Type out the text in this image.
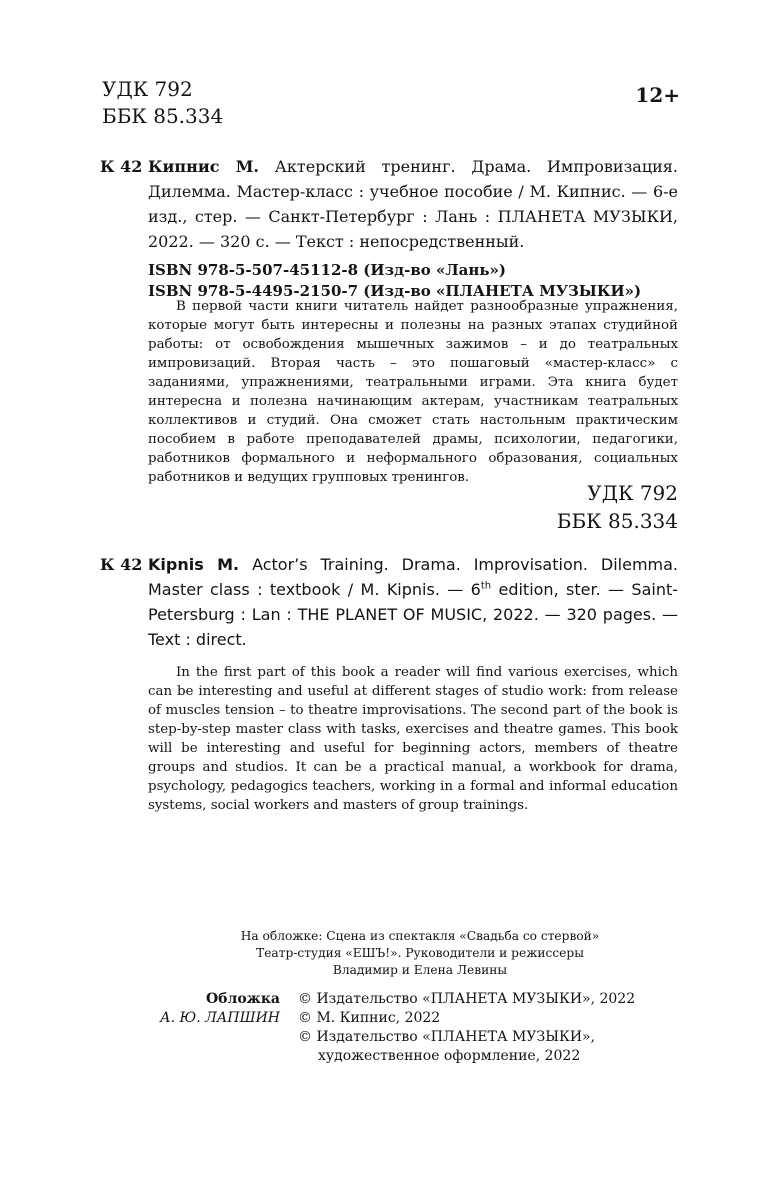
УДК 792
ББК 85.334
12+
К 42 Кипнис М. Актерский тренинг. Драма. Импровизация. Дилемма. Мастер-класс : учебное пособие / М. Кипнис. — 6-е изд., стер. — Санкт-Петербург : Лань : ПЛАНЕТА МУЗЫКИ, 2022. — 320 с. — Текст : непосредственный.
ISBN 978-5-507-45112-8 (Изд-во «Лань»)
ISBN 978-5-4495-2150-7 (Изд-во «ПЛАНЕТА МУЗЫКИ»)
В первой части книги читатель найдет разнообразные упражнения, которые могут быть интересны и полезны на разных этапах студийной работы: от освобождения мышечных зажимов – и до театральных импровизаций. Вторая часть – это пошаговый «мастер-класс» с заданиями, упражнениями, театральными играми. Эта книга будет интересна и полезна начинающим актерам, участникам театральных коллективов и студий. Она сможет стать настольным практическим пособием в работе преподавателей драмы, психологии, педагогики, работников формального и неформального образования, социальных работников и ведущих групповых тренингов.
УДК 792
ББК 85.334
К 42 Kipnis M. Actor’s Training. Drama. Improvisation. Dilemma. Master class : textbook / M. Kipnis. — 6th edition, ster. — Saint-Petersburg : Lan : THE PLANET OF MUSIC, 2022. — 320 pages. — Text : direct.
In the first part of this book a reader will find various exercises, which can be interesting and useful at different stages of studio work: from release of muscles tension – to theatre improvisations. The second part of the book is step-by-step master class with tasks, exercises and theatre games. This book will be interesting and useful for beginning actors, members of theatre groups and studios. It can be a practical manual, a workbook for drama, psychology, pedagogics teachers, working in a formal and informal education systems, social workers and masters of group trainings.
На обложке: Сцена из спектакля «Свадьба со стервой»
Театр-студия «ЕШЪ!». Руководители и режиссеры
Владимир и Елена Левины
Обложка
А. Ю. ЛАПШИН
© Издательство «ПЛАНЕТА МУЗЫКИ», 2022
© М. Кипнис, 2022
© Издательство «ПЛАНЕТА МУЗЫКИ»,
художественное оформление, 2022
